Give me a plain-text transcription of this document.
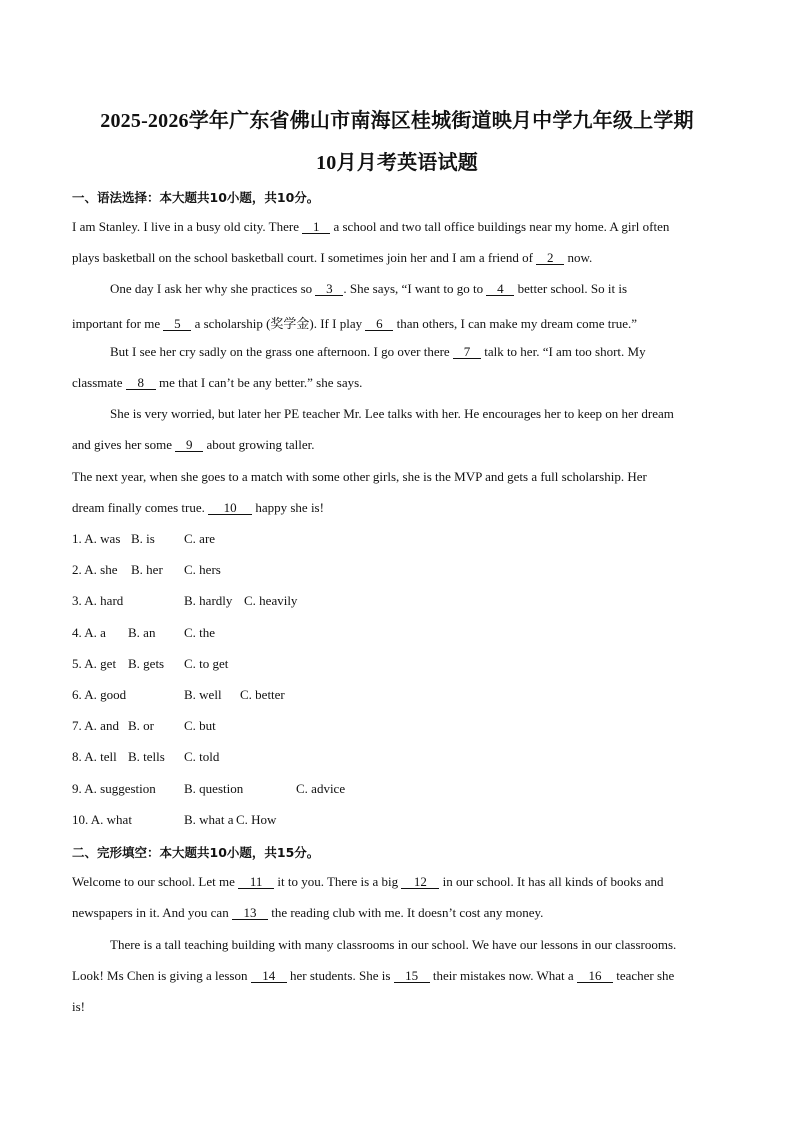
2025-2026学年广东省佛山市南海区桂城街道映月中学九年级上学期
10月月考英语试题
一、语法选择：本大题共10小题，共10分。
I am Stanley. I live in a busy old city. There 1 a school and two tall office buildings near my home. A girl often
plays basketball on the school basketball court. I sometimes join her and I am a friend of 2 now.
One day I ask her why she practices so 3 . She says, “I want to go to 4 better school. So it is
important for me 5 a scholarship (奖学金). If I play 6 than others, I can make my dream come true.”
But I see her cry sadly on the grass one afternoon. I go over there 7 talk to her. “I am too short. My
classmate 8 me that I can’t be any better.” she says.
She is very worried, but later her PE teacher Mr. Lee talks with her. He encourages her to keep on her dream
and gives her some 9 about growing taller.
The next year, when she goes to a match with some other girls, she is the MVP and gets a full scholarship. Her
dream finally comes true. 10 happy she is!
1. A. was B. is C. are
2. A. she B. her C. hers
3. A. hard	B. hardly C. heavily
4. A. a B. an C. the
5. A. get B. gets C. to get
6. A. good	B. well C. better
7. A. and B. or C. but
8. A. tell B. tells C. told
9. A. suggestion B. question	C. advice
10. A. what	B. what a C. How
二、完形填空：本大题共10小题，共15分。
Welcome to our school. Let me 11 it to you. There is a big 12 in our school. It has all kinds of books and
newspapers in it. And you can 13 the reading club with me. It doesn’t cost any money.
There is a tall teaching building with many classrooms in our school. We have our lessons in our classrooms.
Look! Ms Chen is giving a lesson 14 her students. She is 15 their mistakes now. What a 16 teacher she
is!
